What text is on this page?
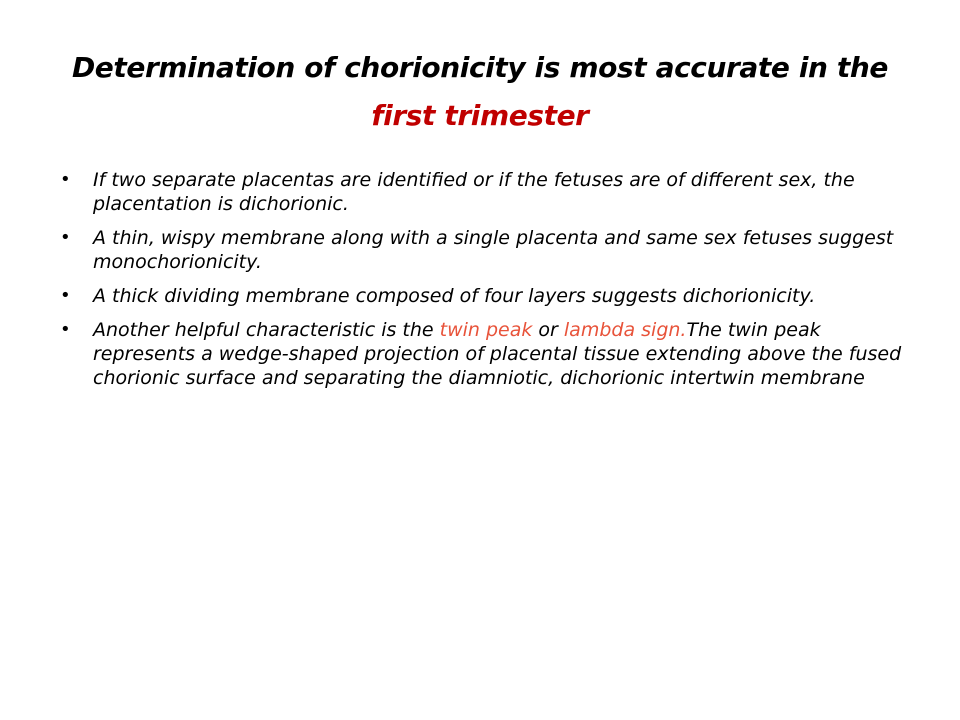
Determination of chorionicity is most accurate in the first trimester
• If two separate placentas are identified or if the fetuses are of different sex, the placentation is dichorionic.
• A thin, wispy membrane along with a single placenta and same sex fetuses suggest monochorionicity.
• A thick dividing membrane composed of four layers suggests dichorionicity.
• Another helpful characteristic is the twin peak or lambda sign.The twin peak represents a wedge-shaped projection of placental tissue extending above the fused chorionic surface and separating the diamniotic, dichorionic intertwin membrane
